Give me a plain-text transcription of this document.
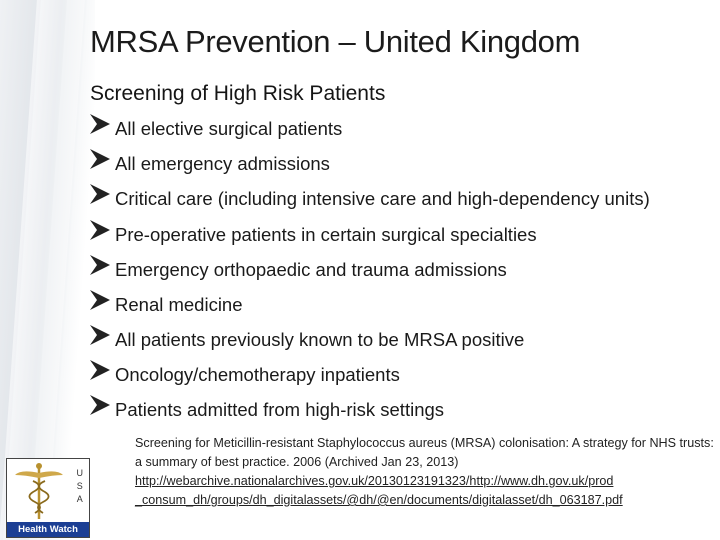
MRSA Prevention – United Kingdom
Screening of High Risk Patients
All elective surgical patients
All emergency admissions
Critical care (including intensive care and high-dependency units)
Pre-operative patients in certain surgical specialties
Emergency orthopaedic and trauma admissions
Renal medicine
All patients previously known to be MRSA positive
Oncology/chemotherapy inpatients
Patients admitted from high-risk settings
Screening for Meticillin-resistant Staphylococcus aureus (MRSA) colonisation: A strategy for NHS trusts: a summary of best practice. 2006 (Archived Jan 23, 2013)
http://webarchive.nationalarchives.gov.uk/20130123191323/http://www.dh.gov.uk/prod
_consum_dh/groups/dh_digitalassets/@dh/@en/documents/digitalasset/dh_063187.pdf
U
S
A
Health Watch
